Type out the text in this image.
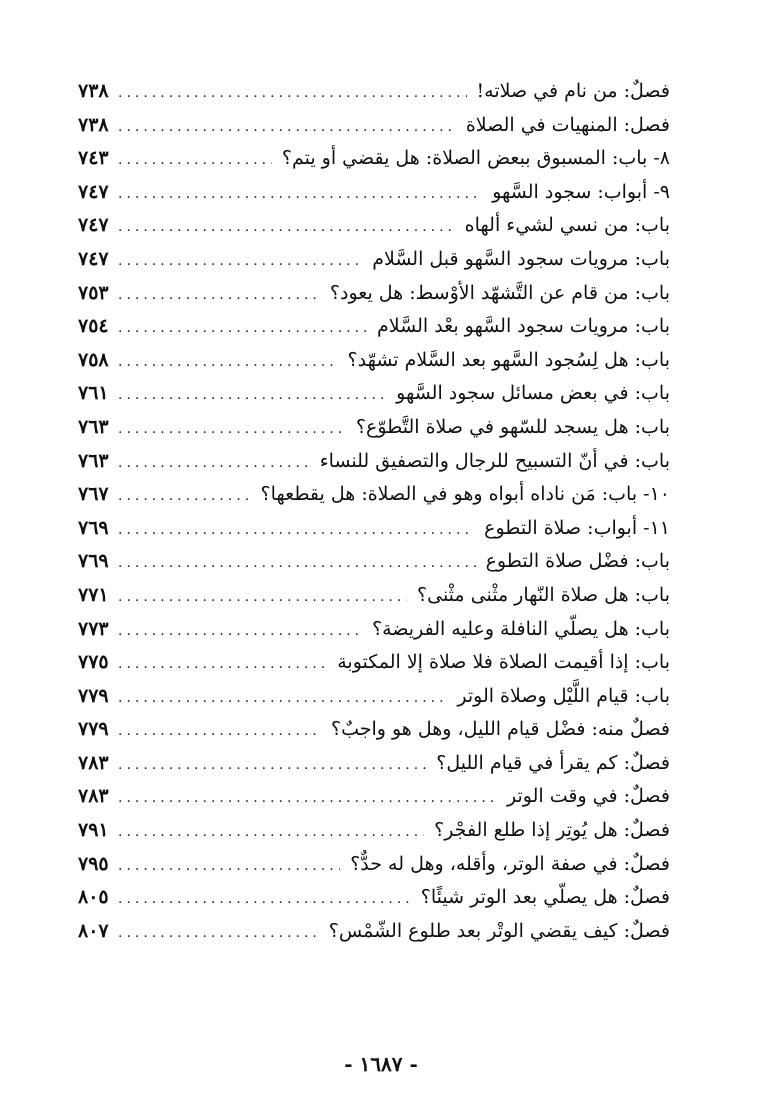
فصلٌ: من نام في صلاته!
.....
٧٣٨
فصل: المنهيات في الصلاة
.....
٧٣٨
٨- باب: المسبوق ببعض الصلاة: هل يقضي أو يتم؟
.....
٧٤٣
٩- أبواب: سجود السَّهو
.....
٧٤٧
باب: من نسي لشيء ألهاه
.....
٧٤٧
باب: مرويات سجود السَّهو قبل السَّلام
.....
٧٤٧
باب: من قام عن التَّشهّد الأوْسط: هل يعود؟
.....
٧٥٣
باب: مرويات سجود السَّهو بعْد السَّلام
.....
٧٥٤
باب: هل لِسُجود السَّهو بعد السَّلام تشهّد؟
.....
٧٥٨
باب: في بعض مسائل سجود السَّهو
.....
٧٦١
باب: هل يسجد للسّهو في صلاة التَّطوّع؟
.....
٧٦٣
باب: في أنّ التسبيح للرجال والتصفيق للنساء
.....
٧٦٣
١٠- باب: مَن ناداه أبواه وهو في الصلاة: هل يقطعها؟
.....
٧٦٧
١١- أبواب: صلاة التطوع
.....
٧٦٩
باب: فضْل صلاة التطوع
.....
٧٦٩
باب: هل صلاة النّهار مثْنى مثْنى؟
.....
٧٧١
باب: هل يصلّي النافلة وعليه الفريضة؟
.....
٧٧٣
باب: إذا أقيمت الصلاة فلا صلاة إلا المكتوبة
.....
٧٧٥
باب: قيام اللَّيْل وصلاة الوتر
.....
٧٧٩
فصلٌ منه: فضْل قيام الليل، وهل هو واجبٌ؟
.....
٧٧٩
فصلٌ: كم يقرأ في قيام الليل؟
.....
٧٨٣
فصلٌ: في وقت الوتر
.....
٧٨٣
فصلٌ: هل يُوتِر إذا طلع الفجْر؟
.....
٧٩١
فصلٌ: في صفة الوتر، وأقله، وهل له حدٌّ؟
.....
٧٩٥
فصلٌ: هل يصلّي بعد الوتر شيئًا؟
.....
٨٠٥
فصلٌ: كيف يقضي الوتْر بعد طلوع الشّمْس؟
.....
٨٠٧
- ١٦٨٧ -
